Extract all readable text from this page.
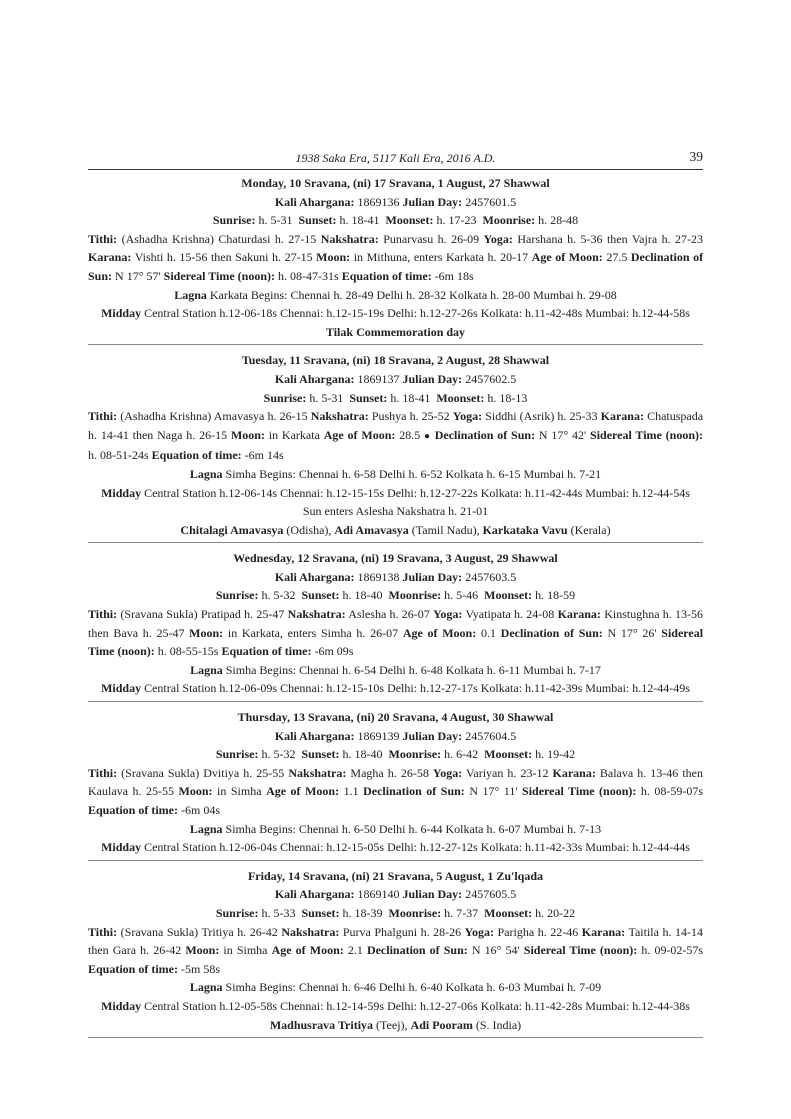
1938 Saka Era, 5117 Kali Era, 2016 A.D.	39
Monday, 10 Sravana, (ni) 17 Sravana, 1 August, 27 Shawwal
Kali Ahargana: 1869136 Julian Day: 2457601.5
Sunrise: h. 5-31 Sunset: h. 18-41 Moonset: h. 17-23 Moonrise: h. 28-48
Tithi: (Ashadha Krishna) Chaturdasi h. 27-15 Nakshatra: Punarvasu h. 26-09 Yoga: Harshana h. 5-36 then Vajra h. 27-23
Karana: Vishti h. 15-56 then Sakuni h. 27-15 Moon: in Mithuna, enters Karkata h. 20-17 Age of Moon: 27.5 Declination of
Sun: N 17° 57' Sidereal Time (noon): h. 08-47-31s Equation of time: -6m 18s
Lagna Karkata Begins: Chennai h. 28-49 Delhi h. 28-32 Kolkata h. 28-00 Mumbai h. 29-08
Midday Central Station h.12-06-18s Chennai: h.12-15-19s Delhi: h.12-27-26s Kolkata: h.11-42-48s Mumbai: h.12-44-58s
Tilak Commemoration day
Tuesday, 11 Sravana, (ni) 18 Sravana, 2 August, 28 Shawwal
Kali Ahargana: 1869137 Julian Day: 2457602.5
Sunrise: h. 5-31 Sunset: h. 18-41 Moonset: h. 18-13
Tithi: (Ashadha Krishna) Amavasya h. 26-15 Nakshatra: Pushya h. 25-52 Yoga: Siddhi (Asrik) h. 25-33 Karana: Chatuspada
h. 14-41 then Naga h. 26-15 Moon: in Karkata Age of Moon: 28.5 ● Declination of Sun: N 17° 42' Sidereal Time (noon):
h. 08-51-24s Equation of time: -6m 14s
Lagna Simha Begins: Chennai h. 6-58 Delhi h. 6-52 Kolkata h. 6-15 Mumbai h. 7-21
Midday Central Station h.12-06-14s Chennai: h.12-15-15s Delhi: h.12-27-22s Kolkata: h.11-42-44s Mumbai: h.12-44-54s
Sun enters Aslesha Nakshatra h. 21-01
Chitalagi Amavasya (Odisha), Adi Amavasya (Tamil Nadu), Karkataka Vavu (Kerala)
Wednesday, 12 Sravana, (ni) 19 Sravana, 3 August, 29 Shawwal
Kali Ahargana: 1869138 Julian Day: 2457603.5
Sunrise: h. 5-32 Sunset: h. 18-40 Moonrise: h. 5-46 Moonset: h. 18-59
Tithi: (Sravana Sukla) Pratipad h. 25-47 Nakshatra: Aslesha h. 26-07 Yoga: Vyatipata h. 24-08 Karana: Kinstughna h. 13-56
then Bava h. 25-47 Moon: in Karkata, enters Simha h. 26-07 Age of Moon: 0.1 Declination of Sun: N 17° 26' Sidereal
Time (noon): h. 08-55-15s Equation of time: -6m 09s
Lagna Simha Begins: Chennai h. 6-54 Delhi h. 6-48 Kolkata h. 6-11 Mumbai h. 7-17
Midday Central Station h.12-06-09s Chennai: h.12-15-10s Delhi: h.12-27-17s Kolkata: h.11-42-39s Mumbai: h.12-44-49s
Thursday, 13 Sravana, (ni) 20 Sravana, 4 August, 30 Shawwal
Kali Ahargana: 1869139 Julian Day: 2457604.5
Sunrise: h. 5-32 Sunset: h. 18-40 Moonrise: h. 6-42 Moonset: h. 19-42
Tithi: (Sravana Sukla) Dvitiya h. 25-55 Nakshatra: Magha h. 26-58 Yoga: Variyan h. 23-12 Karana: Balava h. 13-46 then
Kaulava h. 25-55 Moon: in Simha Age of Moon: 1.1 Declination of Sun: N 17° 11' Sidereal Time (noon): h. 08-59-07s
Equation of time: -6m 04s
Lagna Simha Begins: Chennai h. 6-50 Delhi h. 6-44 Kolkata h. 6-07 Mumbai h. 7-13
Midday Central Station h.12-06-04s Chennai: h.12-15-05s Delhi: h.12-27-12s Kolkata: h.11-42-33s Mumbai: h.12-44-44s
Friday, 14 Sravana, (ni) 21 Sravana, 5 August, 1 Zu'lqada
Kali Ahargana: 1869140 Julian Day: 2457605.5
Sunrise: h. 5-33 Sunset: h. 18-39 Moonrise: h. 7-37 Moonset: h. 20-22
Tithi: (Sravana Sukla) Tritiya h. 26-42 Nakshatra: Purva Phalguni h. 28-26 Yoga: Parigha h. 22-46 Karana: Taitila h. 14-14
then Gara h. 26-42 Moon: in Simha Age of Moon: 2.1 Declination of Sun: N 16° 54' Sidereal Time (noon): h. 09-02-57s
Equation of time: -5m 58s
Lagna Simha Begins: Chennai h. 6-46 Delhi h. 6-40 Kolkata h. 6-03 Mumbai h. 7-09
Midday Central Station h.12-05-58s Chennai: h.12-14-59s Delhi: h.12-27-06s Kolkata: h.11-42-28s Mumbai: h.12-44-38s
Madhusrava Tritiya (Teej), Adi Pooram (S. India)
